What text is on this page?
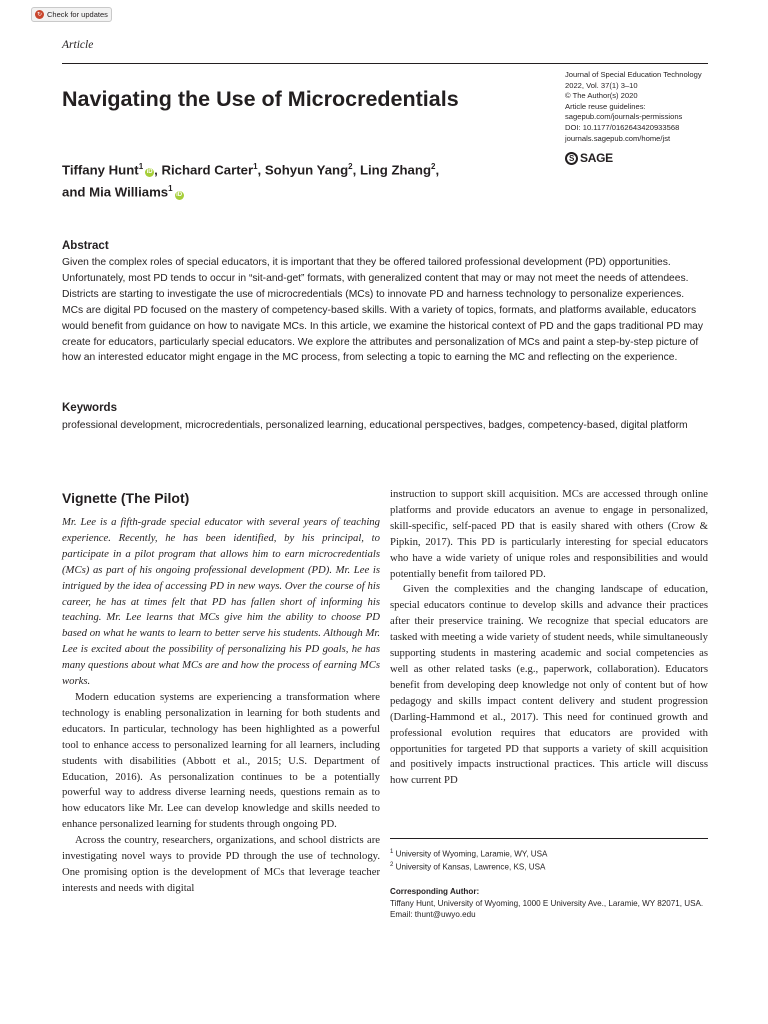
↻ Check for updates
Article
Journal of Special Education Technology
2022, Vol. 37(1) 3–10
© The Author(s) 2020
Article reuse guidelines:
sagepub.com/journals-permissions
DOI: 10.1177/0162643420933568
journals.sagepub.com/home/jst
S SAGE
Navigating the Use of Microcredentials
Tiffany Hunt$^1$iD , Richard Carter$^1$, Sohyun Yang$^2$, Ling Zhang$^2$,
and Mia Williams$^1$iD
Abstract
Given the complex roles of special educators, it is important that they be offered tailored professional development (PD) opportunities. Unfortunately, most PD tends to occur in “sit-and-get” formats, with generalized content that may or may not meet the needs of attendees. Districts are starting to investigate the use of microcredentials (MCs) to innovate PD and harness technology to personalize experiences. MCs are digital PD focused on the mastery of competency-based skills. With a variety of topics, formats, and platforms available, educators would benefit from guidance on how to navigate MCs. In this article, we examine the historical context of PD and the gaps traditional PD may create for educators, particularly special educators. We explore the attributes and personalization of MCs and paint a step-by-step picture of how an interested educator might engage in the MC process, from selecting a topic to earning the MC and reflecting on the experience.
Keywords
professional development, microcredentials, personalized learning, educational perspectives, badges, competency-based, digital platform
Vignette (The Pilot)

Mr. Lee is a fifth-grade special educator with several years of teaching experience. Recently, he has been identified, by his principal, to participate in a pilot program that allows him to earn microcredentials (MCs) as part of his ongoing professional development (PD). Mr. Lee is intrigued by the idea of accessing PD in new ways. Over the course of his career, he has at times felt that PD has fallen short of informing his teaching. Mr. Lee learns that MCs give him the ability to choose PD based on what he wants to learn to better serve his students. Although Mr. Lee is excited about the possibility of personalizing his PD goals, he has many questions about what MCs are and how the process of earning MCs works.

Modern education systems are experiencing a transformation where technology is enabling personalization in learning for both students and educators. In particular, technology has been highlighted as a powerful tool to enhance access to personalized learning for all learners, including students with disabilities (Abbott et al., 2015; U.S. Department of Education, 2016). As personalization continues to be a potentially powerful way to address diverse learning needs, questions remain as to how educators like Mr. Lee can develop knowledge and skills needed to enhance personalized learning for students through ongoing PD.

Across the country, researchers, organizations, and school districts are investigating novel ways to provide PD through the use of technology. One promising option is the development of MCs that leverage teacher interests and needs with digital

instruction to support skill acquisition. MCs are accessed through online platforms and provide educators an avenue to engage in personalized, skill-specific, self-paced PD that is easily shared with others (Crow & Pipkin, 2017). This PD is particularly interesting for special educators who have a wide variety of unique roles and responsibilities and would potentially benefit from tailored PD.

Given the complexities and the changing landscape of education, special educators continue to develop skills and advance their practices after their preservice training. We recognize that special educators are tasked with meeting a wide variety of student needs, while simultaneously supporting students in mastering academic and social competencies as well as other related tasks (e.g., paperwork, collaboration). Educators benefit from developing deep knowledge not only of content but of how pedagogy and skills impact content delivery and student progression (Darling-Hammond et al., 2017). This need for continued growth and professional evolution requires that educators are provided with opportunities for targeted PD that supports a variety of skill acquisition and positively impacts instructional practices. This article will discuss how current PD

$^1$ University of Wyoming, Laramie, WY, USA
$^2$ University of Kansas, Lawrence, KS, USA
Corresponding Author:
Tiffany Hunt, University of Wyoming, 1000 E University Ave., Laramie, WY 82071, USA.
Email: thunt@uwyo.edu
